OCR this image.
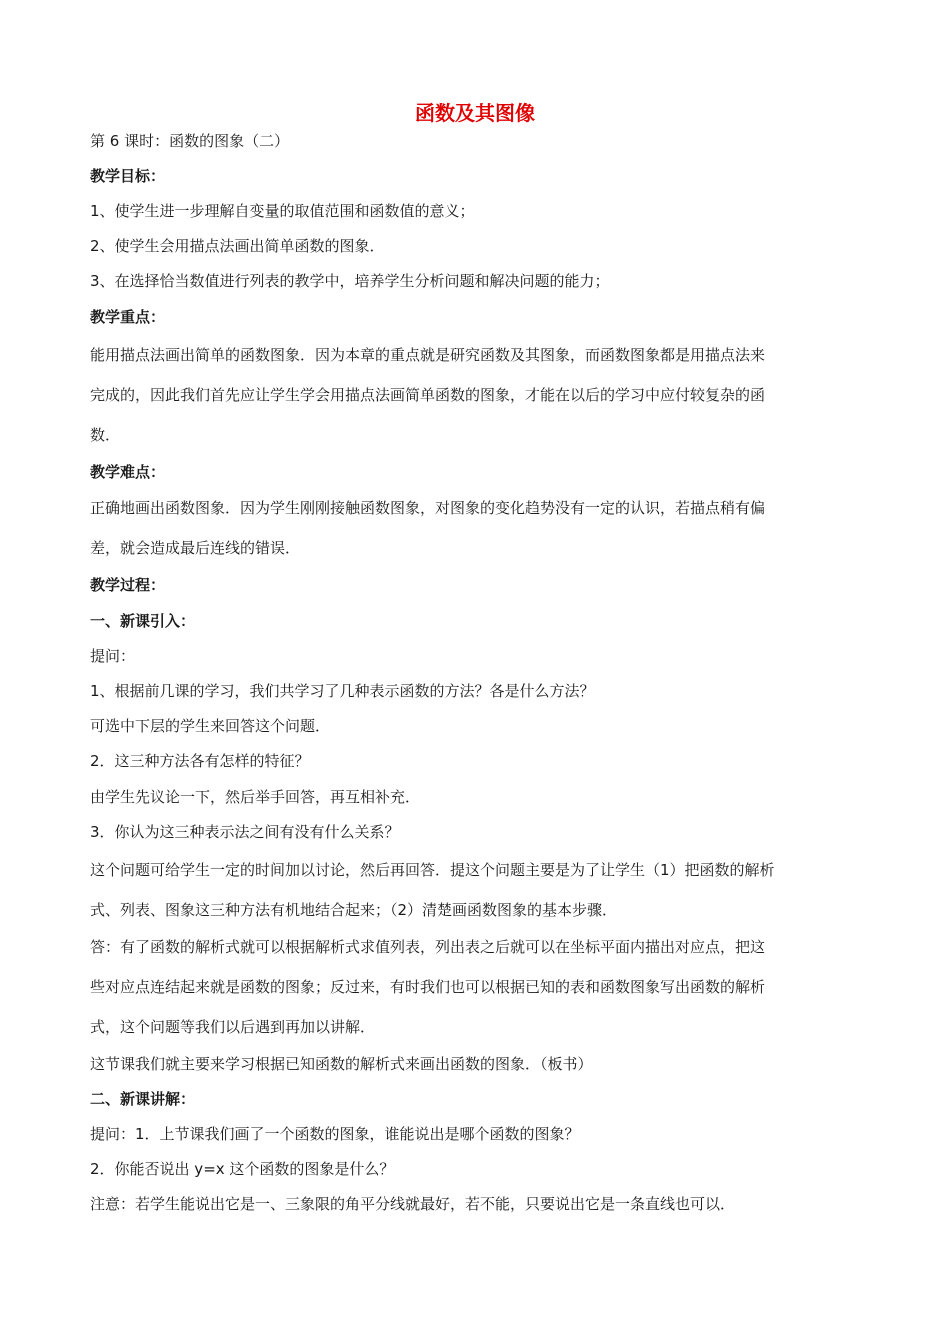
函数及其图像
第 6 课时：函数的图象（二）
教学目标：
1、使学生进一步理解自变量的取值范围和函数值的意义；
2、使学生会用描点法画出简单函数的图象．
3、在选择恰当数值进行列表的教学中，培养学生分析问题和解决问题的能力；
教学重点：
能用描点法画出简单的函数图象．因为本章的重点就是研究函数及其图象，而函数图象都是用描点法来
完成的，因此我们首先应让学生学会用描点法画简单函数的图象，才能在以后的学习中应付较复杂的函
数．
教学难点：
正确地画出函数图象．因为学生刚刚接触函数图象，对图象的变化趋势没有一定的认识，若描点稍有偏
差，就会造成最后连线的错误．
教学过程：
一、新课引入：
提问：
1、根据前几课的学习，我们共学习了几种表示函数的方法？各是什么方法？
可选中下层的学生来回答这个问题．
2．这三种方法各有怎样的特征？
由学生先议论一下，然后举手回答，再互相补充．
3．你认为这三种表示法之间有没有什么关系？
这个问题可给学生一定的时间加以讨论，然后再回答．提这个问题主要是为了让学生（1）把函数的解析
式、列表、图象这三种方法有机地结合起来；（2）清楚画函数图象的基本步骤．
答：有了函数的解析式就可以根据解析式求值列表，列出表之后就可以在坐标平面内描出对应点，把这
些对应点连结起来就是函数的图象；反过来，有时我们也可以根据已知的表和函数图象写出函数的解析
式，这个问题等我们以后遇到再加以讲解．
这节课我们就主要来学习根据已知函数的解析式来画出函数的图象．（板书）
二、新课讲解：
提问：1．上节课我们画了一个函数的图象，谁能说出是哪个函数的图象？
2．你能否说出 y=x 这个函数的图象是什么？
注意：若学生能说出它是一、三象限的角平分线就最好，若不能，只要说出它是一条直线也可以．
